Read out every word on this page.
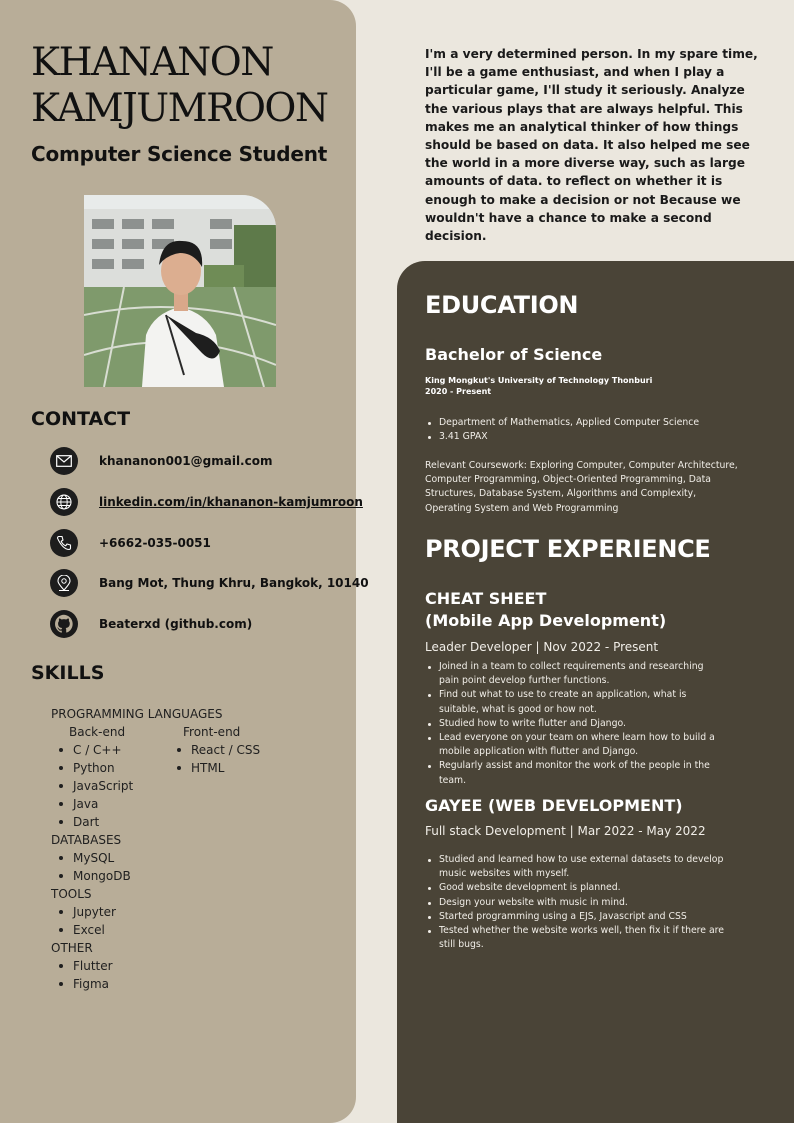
KHANANON
KAMJUMROON
Computer Science Student
CONTACT
khananon001@gmail.com
linkedin.com/in/khananon-kamjumroon
+6662-035-0051
Bang Mot, Thung Khru, Bangkok, 10140
Beaterxd (github.com)
SKILLS
PROGRAMMING LANGUAGES
Back-end
C / C++
Python
JavaScript
Java
Dart
Front-end
React / CSS
HTML
DATABASES
MySQL
MongoDB
TOOLS
Jupyter
Excel
OTHER
Flutter
Figma
I'm a very determined person. In my spare time, I'll be a game enthusiast, and when I play a particular game, I'll study it seriously. Analyze the various plays that are always helpful. This makes me an analytical thinker of how things should be based on data. It also helped me see the world in a more diverse way, such as large amounts of data. to reflect on whether it is enough to make a decision or not Because we wouldn't have a chance to make a second decision.
EDUCATION
Bachelor of Science
King Mongkut's University of Technology Thonburi
2020 - Present
Department of Mathematics, Applied Computer Science
3.41 GPAX
Relevant Coursework: Exploring Computer, Computer Architecture, Computer Programming, Object-Oriented Programming, Data Structures, Database System, Algorithms and Complexity, Operating System and Web Programming
PROJECT EXPERIENCE
CHEAT SHEET
(Mobile App Development)
Leader Developer | Nov 2022 - Present
Joined in a team to collect requirements and researching pain point develop further functions.
Find out what to use to create an application, what is suitable, what is good or how not.
Studied how to write flutter and Django.
Lead everyone on your team on where learn how to build a mobile application with flutter and Django.
Regularly assist and monitor the work of the people in the team.
GAYEE (WEB DEVELOPMENT)
Full stack Development | Mar 2022 - May 2022
Studied and learned how to use external datasets to develop music websites with myself.
Good website development is planned.
Design your website with music in mind.
Started programming using a EJS, Javascript and CSS
Tested whether the website works well, then fix it if there are still bugs.
